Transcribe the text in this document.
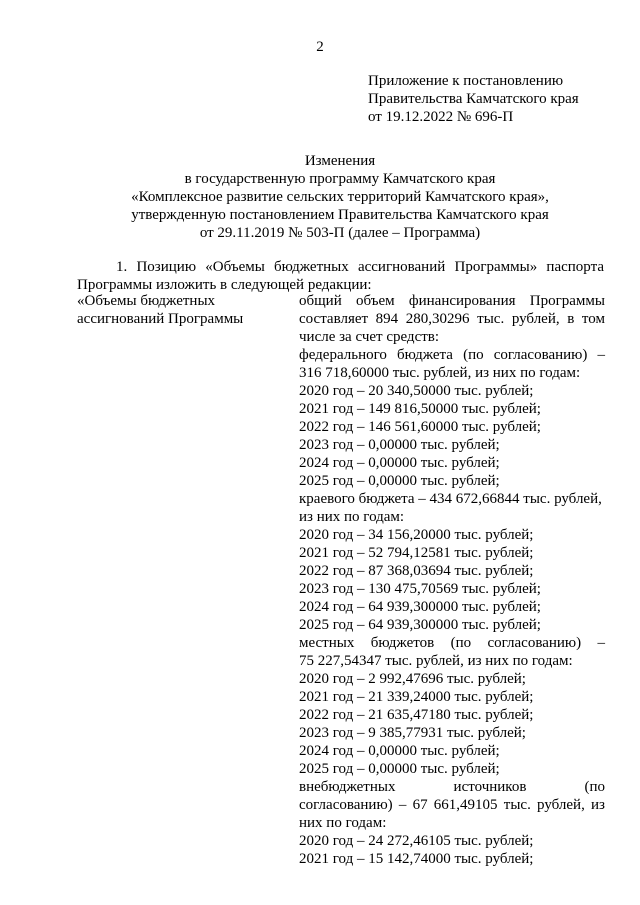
2
Приложение к постановлению
Правительства Камчатского края
от 19.12.2022 № 696-П
Изменения
в государственную программу Камчатского края
«Комплексное развитие сельских территорий Камчатского края»,
утвержденную постановлением Правительства Камчатского края
от 29.11.2019 № 503-П (далее – Программа)
1. Позицию «Объемы бюджетных ассигнований Программы» паспорта
Программы изложить в следующей редакции:
«Объемы бюджетных
ассигнований Программы
общий объем финансирования Программы
составляет 894 280,30296 тыс. рублей, в том
числе за счет средств:
федерального бюджета (по согласованию) –
316 718,60000 тыс. рублей, из них по годам:
2020 год – 20 340,50000 тыс. рублей;
2021 год – 149 816,50000 тыс. рублей;
2022 год – 146 561,60000 тыс. рублей;
2023 год – 0,00000 тыс. рублей;
2024 год – 0,00000 тыс. рублей;
2025 год – 0,00000 тыс. рублей;
краевого бюджета – 434 672,66844 тыс. рублей,
из них по годам:
2020 год – 34 156,20000 тыс. рублей;
2021 год – 52 794,12581 тыс. рублей;
2022 год – 87 368,03694 тыс. рублей;
2023 год – 130 475,70569 тыс. рублей;
2024 год – 64 939,300000 тыс. рублей;
2025 год – 64 939,300000 тыс. рублей;
местных бюджетов (по согласованию) –
75 227,54347 тыс. рублей, из них по годам:
2020 год – 2 992,47696 тыс. рублей;
2021 год – 21 339,24000 тыс. рублей;
2022 год – 21 635,47180 тыс. рублей;
2023 год – 9 385,77931 тыс. рублей;
2024 год – 0,00000 тыс. рублей;
2025 год – 0,00000 тыс. рублей;
внебюджетных источников (по
согласованию) – 67 661,49105 тыс. рублей, из
них по годам:
2020 год – 24 272,46105 тыс. рублей;
2021 год – 15 142,74000 тыс. рублей;
